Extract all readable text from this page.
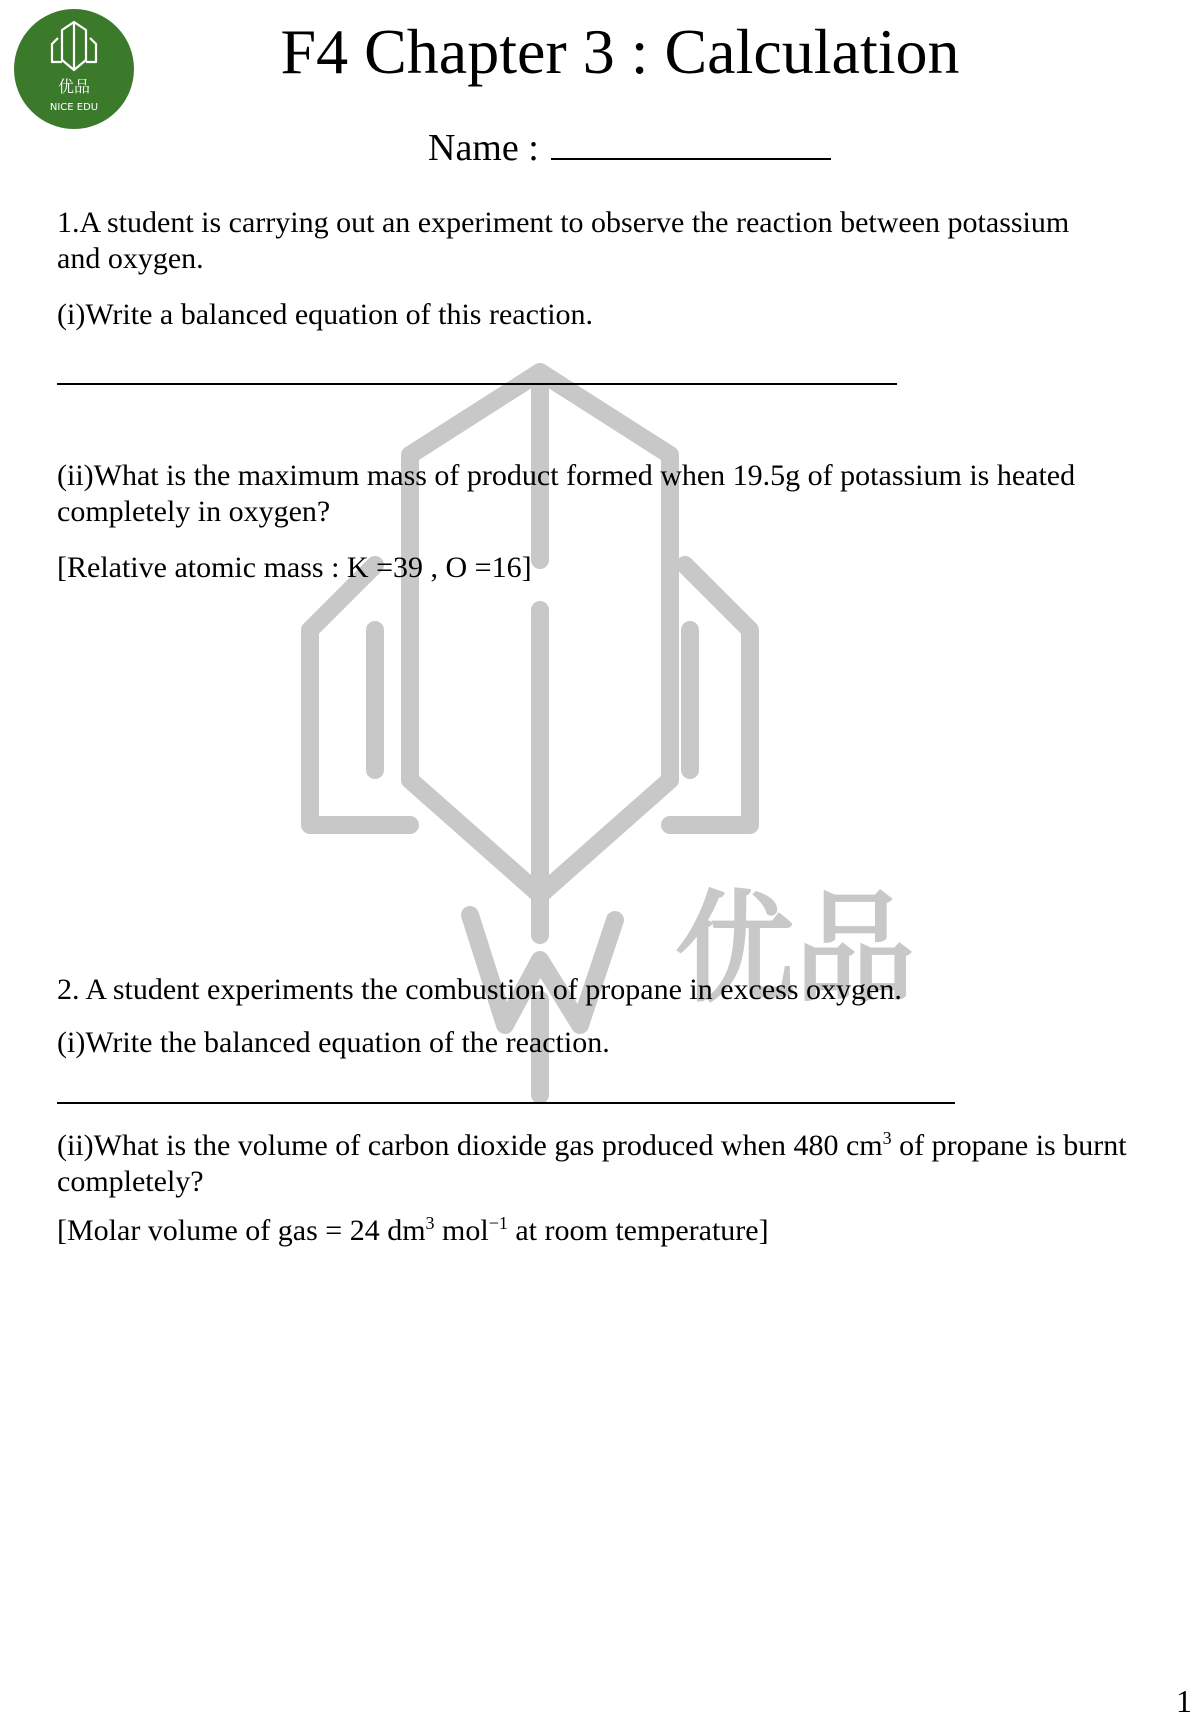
优品
优品
NICE EDU
F4 Chapter 3 : Calculation
Name :

1.A student is carrying out an experiment to observe the reaction between potassium and oxygen.

(i)Write a balanced equation of this reaction.

(ii)What is the maximum mass of product formed when 19.5g of potassium is heated completely in oxygen?

[Relative atomic mass : K =39 , O =16]

2. A student experiments the combustion of propane in excess oxygen.

(i)Write the balanced equation of the reaction.

(ii)What is the volume of carbon dioxide gas produced when 480 $cm^3$ of propane is burnt completely?

[Molar volume of gas = 24 $dm^3$ mol$^{-1}$ at room temperature]

1
